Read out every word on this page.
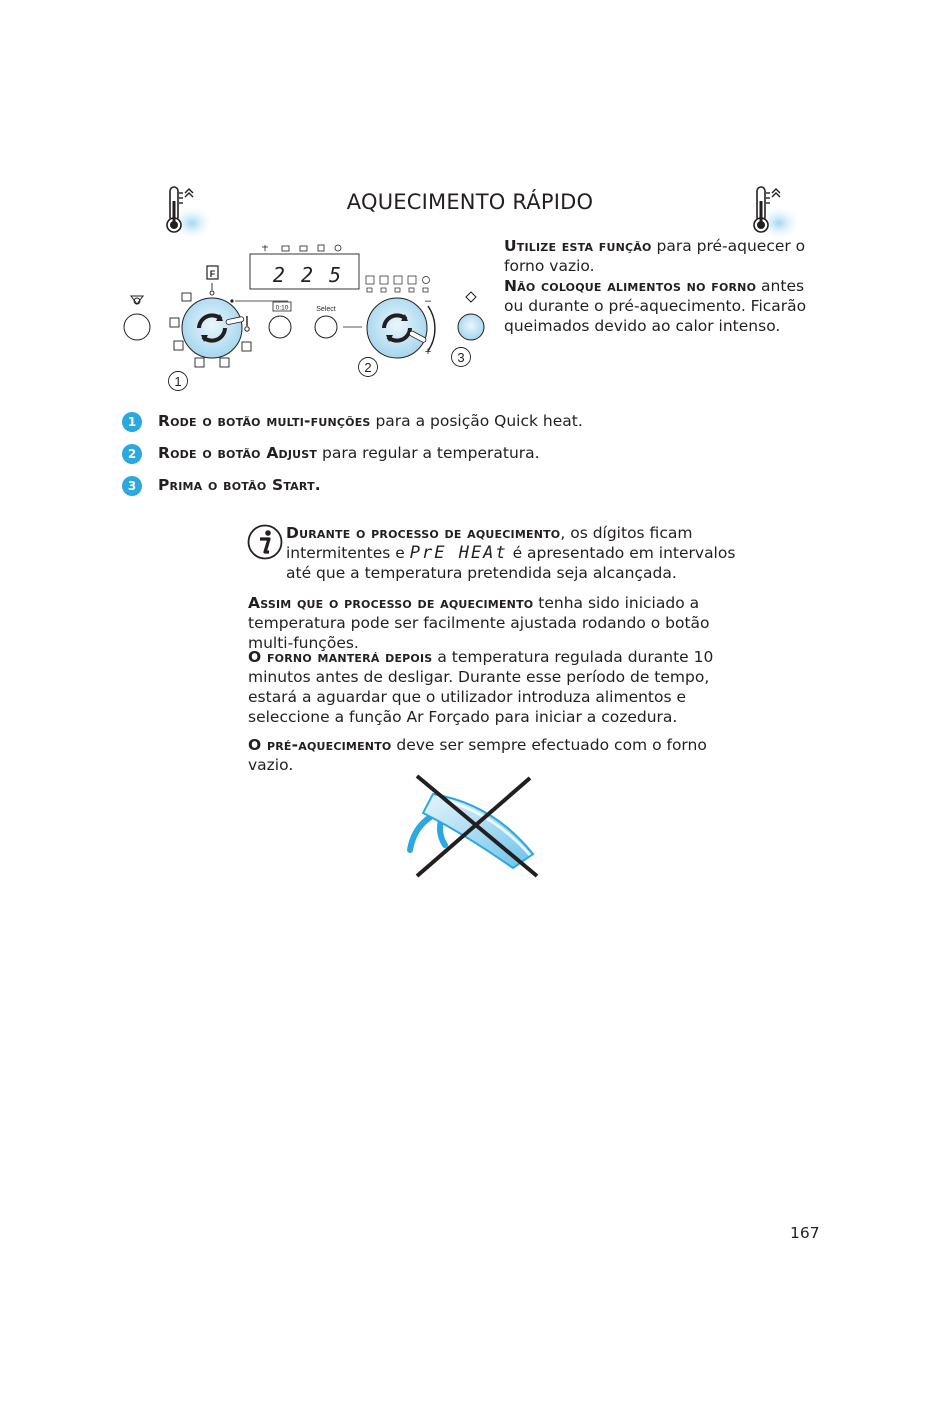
AQUECIMENTO RÁPIDO
F	2 2 5
0:10	Select
–
+
1
2
3
Utilize esta função para pré-aquecer o forno vazio.
Não coloque alimentos no forno antes ou durante o pré-aquecimento. Ficarão queimados devido ao calor intenso.
1 Rode o botão multi-funções para a posição Quick heat.
2 Rode o botão Adjust para regular a temperatura.
3 Prima o botão Start.
Durante o processo de aquecimento, os dígitos ficam intermitentes e PrE HEAt é apresentado em intervalos até que a temperatura pretendida seja alcançada.
Assim que o processo de aquecimento tenha sido iniciado a temperatura pode ser facilmente ajustada rodando o botão multi-funções.
O forno manterá depois a temperatura regulada durante 10 minutos antes de desligar. Durante esse período de tempo, estará a aguardar que o utilizador introduza alimentos e seleccione a função Ar Forçado para iniciar a cozedura.
O pré-aquecimento deve ser sempre efectuado com o forno vazio.
167
